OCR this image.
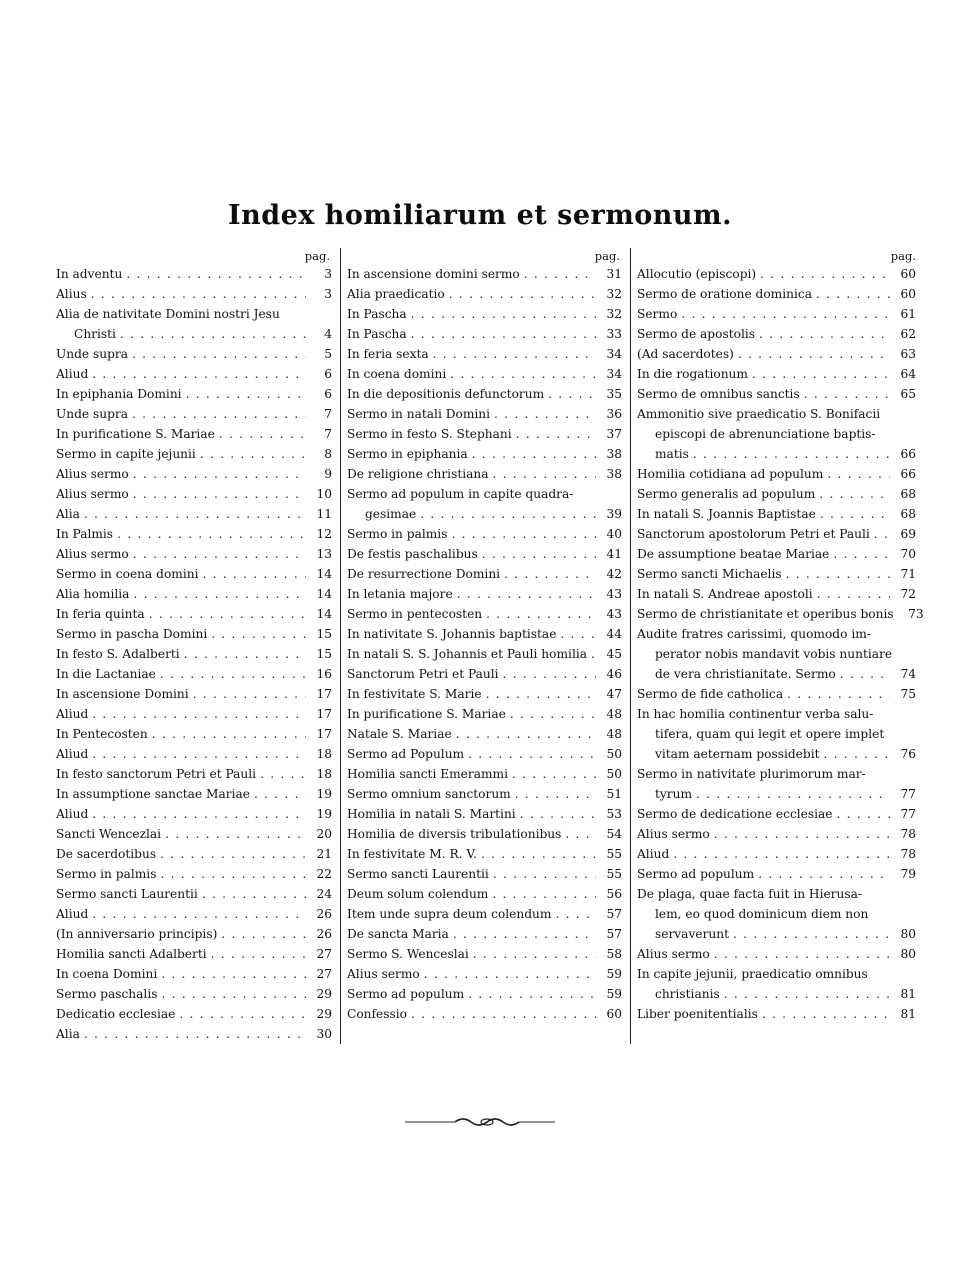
Index homiliarum et sermonum.
pag.
In adventu . . .	3
Alius . . .	3
Alia de nativitate Domini nostri Jesu
Christi . . .	4
Unde supra . . .	5
Aliud . . .	6
In epiphania Domini . . .	6
Unde supra . . .	7
In purificatione S. Mariae . . .	7
Sermo in capite jejunii . . .	8
Alius sermo . . .	9
Alius sermo . . .	10
Alia . . .	11
In Palmis . . .	12
Alius sermo . . .	13
Sermo in coena domini . . .	14
Alia homilia . . .	14
In feria quinta . . .	14
Sermo in pascha Domini . . .	15
In festo S. Adalberti . . .	15
In die Lactaniae . . .	16
In ascensione Domini . . .	17
Aliud . . .	17
In Pentecosten . . .	17
Aliud . . .	18
In festo sanctorum Petri et Pauli . . .	18
In assumptione sanctae Mariae . . .	19
Aliud . . .	19
Sancti Wencezlai . . .	20
De sacerdotibus . . .	21
Sermo in palmis . . .	22
Sermo sancti Laurentii . . .	24
Aliud . . .	26
(In anniversario principis) . . .	26
Homilia sancti Adalberti . . .	27
In coena Domini . . .	27
Sermo paschalis . . .	29
Dedicatio ecclesiae . . .	29
Alia . . .	30
pag.
In ascensione domini sermo . . .	31
Alia praedicatio . . .	32
In Pascha . . .	32
In Pascha . . .	33
In feria sexta . . .	34
In coena domini . . .	34
In die depositionis defunctorum . . .	35
Sermo in natali Domini . . .	36
Sermo in festo S. Stephani . . .	37
Sermo in epiphania . . .	38
De religione christiana . . .	38
Sermo ad populum in capite quadra-
gesimae . . .	39
Sermo in palmis . . .	40
De festis paschalibus . . .	41
De resurrectione Domini . . .	42
In letania majore . . .	43
Sermo in pentecosten . . .	43
In nativitate S. Johannis baptistae . . .	44
In natali S. S. Johannis et Pauli homilia . . .	45
Sanctorum Petri et Pauli . . .	46
In festivitate S. Marie . . .	47
In purificatione S. Mariae . . .	48
Natale S. Mariae . . .	48
Sermo ad Populum . . .	50
Homilia sancti Emerammi . . .	50
Sermo omnium sanctorum . . .	51
Homilia in natali S. Martini . . .	53
Homilia de diversis tribulationibus . . .	54
In festivitate M. R. V. . . .	55
Sermo sancti Laurentii . . .	55
Deum solum colendum . . .	56
Item unde supra deum colendum . . .	57
De sancta Maria . . .	57
Sermo S. Wenceslai . . .	58
Alius sermo . . .	59
Sermo ad populum . . .	59
Confessio . . .	60
pag.
Allocutio (episcopi) . . .	60
Sermo de oratione dominica . . .	60
Sermo . . .	61
Sermo de apostolis . . .	62
(Ad sacerdotes) . . .	63
In die rogationum . . .	64
Sermo de omnibus sanctis . . .	65
Ammonitio sive praedicatio S. Bonifacii
episcopi de abrenunciatione baptis-
matis . . .	66
Homilia cotidiana ad populum . . .	66
Sermo generalis ad populum . . .	68
In natali S. Joannis Baptistae . . .	68
Sanctorum apostolorum Petri et Pauli . . .	69
De assumptione beatae Mariae . . .	70
Sermo sancti Michaelis . . .	71
In natali S. Andreae apostoli . . .	72
Sermo de christianitate et operibus bonis . . .	73
Audite fratres carissimi, quomodo im-
perator nobis mandavit vobis nuntiare
de vera christianitate. Sermo . . .	74
Sermo de fide catholica . . .	75
In hac homilia continentur verba salu-
tifera, quam qui legit et opere implet
vitam aeternam possidebit . . .	76
Sermo in nativitate plurimorum mar-
tyrum . . .	77
Sermo de dedicatione ecclesiae . . .	77
Alius sermo . . .	78
Aliud . . .	78
Sermo ad populum . . .	79
De plaga, quae facta fuit in Hierusa-
lem, eo quod dominicum diem non
servaverunt . . .	80
Alius sermo . . .	80
In capite jejunii, praedicatio omnibus
christianis . . .	81
Liber poenitentialis . . .	81
